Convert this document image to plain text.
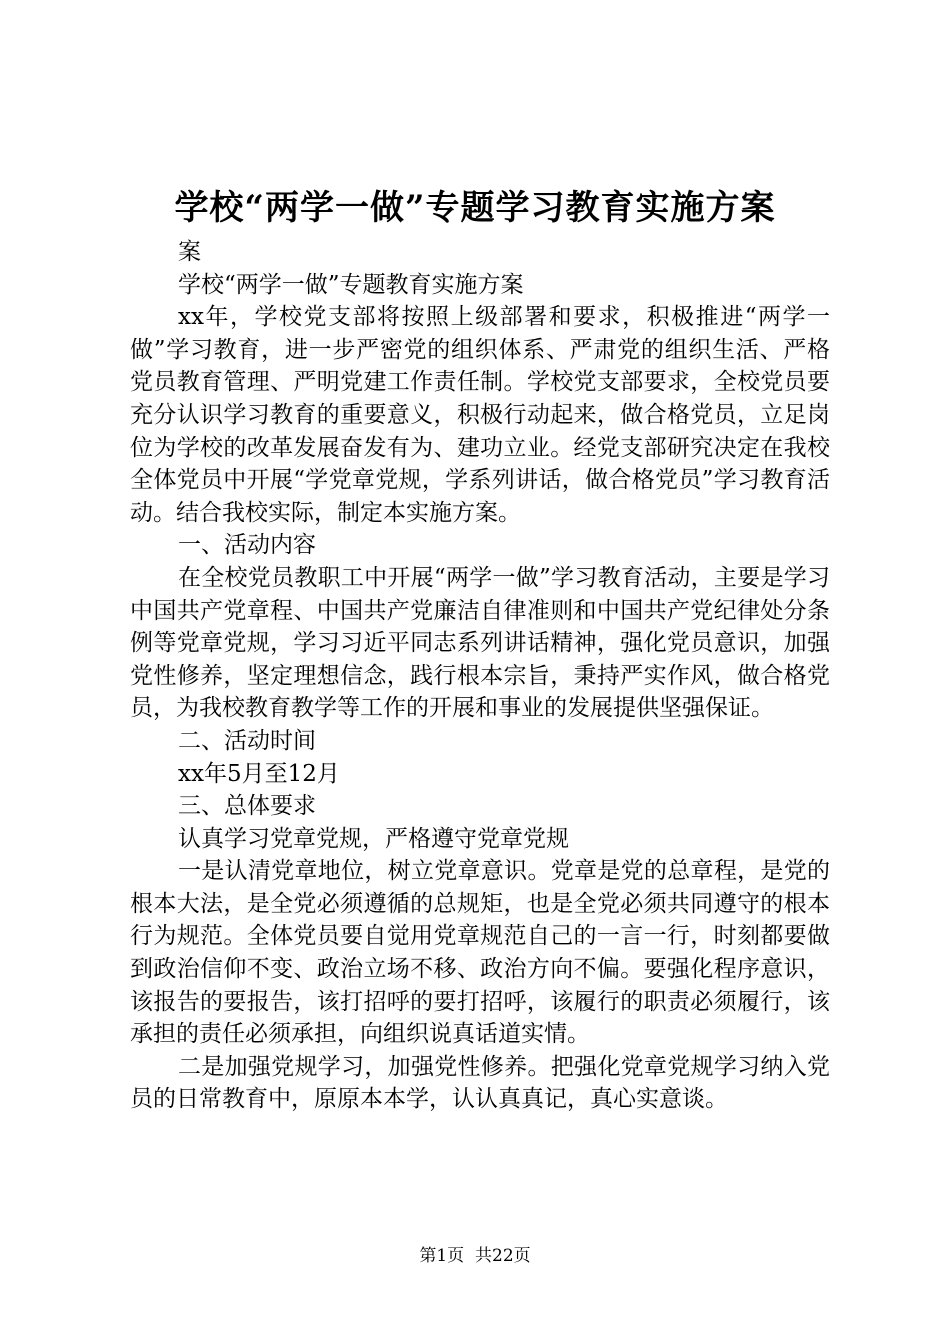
学校“两学一做”专题学习教育实施方案

案

学校“两学一做”专题教育实施方案

xx年，学校党支部将按照上级部署和要求，积极推进“两学一做”学习教育，进一步严密党的组织体系、严肃党的组织生活、严格党员教育管理、严明党建工作责任制。学校党支部要求，全校党员要充分认识学习教育的重要意义，积极行动起来，做合格党员，立足岗位为学校的改革发展奋发有为、建功立业。经党支部研究决定在我校全体党员中开展“学党章党规，学系列讲话，做合格党员”学习教育活动。结合我校实际，制定本实施方案。

一、活动内容

在全校党员教职工中开展“两学一做”学习教育活动，主要是学习中国共产党章程、中国共产党廉洁自律准则和中国共产党纪律处分条例等党章党规，学习习近平同志系列讲话精神，强化党员意识，加强党性修养，坚定理想信念，践行根本宗旨，秉持严实作风，做合格党员，为我校教育教学等工作的开展和事业的发展提供坚强保证。

二、活动时间

xx年5月至12月

三、总体要求

认真学习党章党规，严格遵守党章党规

一是认清党章地位，树立党章意识。党章是党的总章程，是党的根本大法，是全党必须遵循的总规矩，也是全党必须共同遵守的根本行为规范。全体党员要自觉用党章规范自己的一言一行，时刻都要做到政治信仰不变、政治立场不移、政治方向不偏。要强化程序意识，该报告的要报告，该打招呼的要打招呼，该履行的职责必须履行，该承担的责任必须承担，向组织说真话道实情。

二是加强党规学习，加强党性修养。把强化党章党规学习纳入党员的日常教育中，原原本本学，认认真真记，真心实意谈。

第1页 共22页
